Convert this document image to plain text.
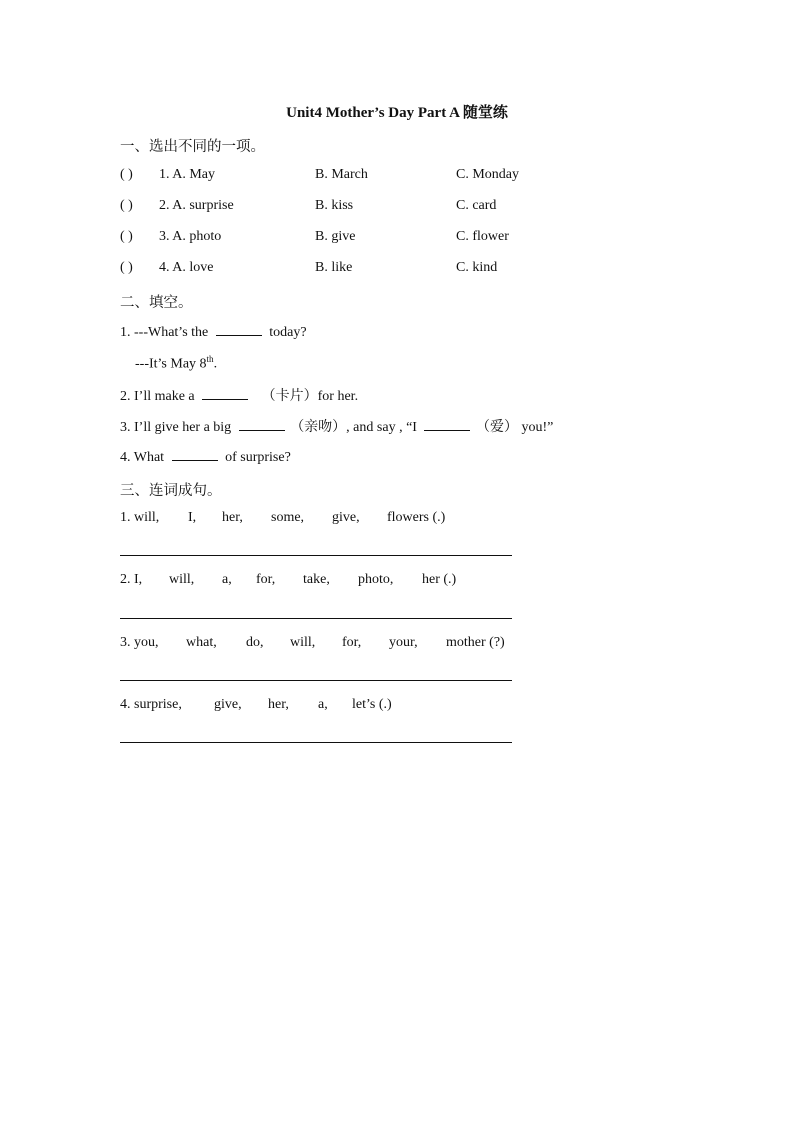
Unit4 Mother’s Day Part A 随堂练
一、选出不同的一项。
( ) 1. A. May	B. March	C. Monday
( ) 2. A. surprise	B. kiss	C. card
( ) 3. A. photo	B. give	C. flower
( ) 4. A. love	B. like	C. kind
二、填空。
1. ---What’s the	today?
---It’s May 8th.
2. I’ll make a	（卡片）for her.
3. I’ll give her a big	（亲吻）, and say , “I	（爱） you!”
4. What	of surprise?
三、连词成句。
1. will, I, her, some, give, flowers (.)
2. I, will, a, for, take, photo, her (.)
3. you, what, do, will, for, your, mother (?)
4. surprise, give, her, a, let’s (.)
